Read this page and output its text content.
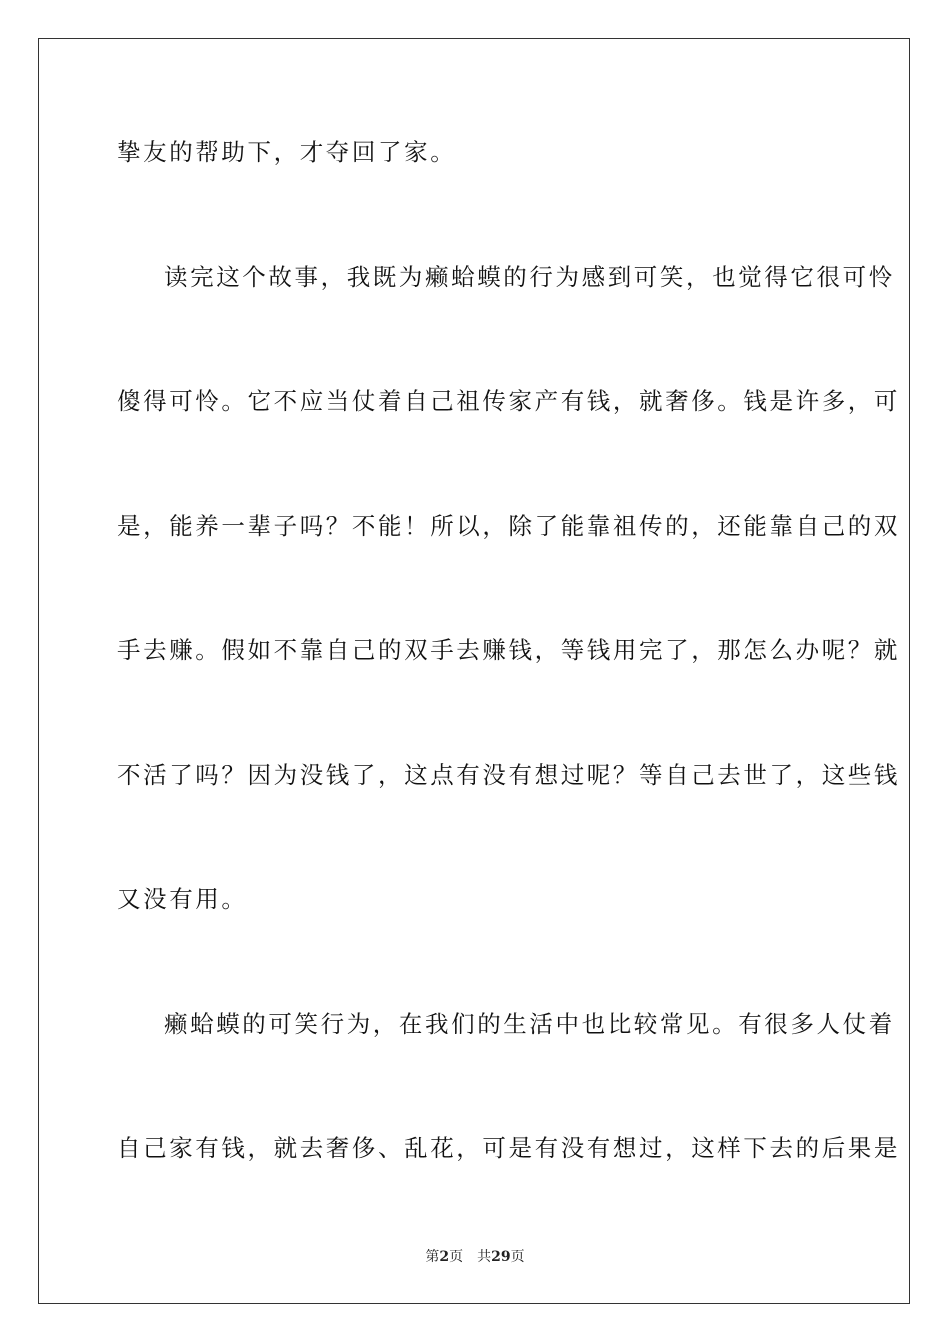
挚友的帮助下，才夺回了家。
读完这个故事，我既为癞蛤蟆的行为感到可笑，也觉得它很可怜
傻得可怜。它不应当仗着自己祖传家产有钱，就奢侈。钱是许多，可
是，能养一辈子吗？不能！所以，除了能靠祖传的，还能靠自己的双
手去赚。假如不靠自己的双手去赚钱，等钱用完了，那怎么办呢？就
不活了吗？因为没钱了，这点有没有想过呢？等自己去世了，这些钱
又没有用。
癞蛤蟆的可笑行为，在我们的生活中也比较常见。有很多人仗着
自己家有钱，就去奢侈、乱花，可是有没有想过，这样下去的后果是
第2页 共29页
